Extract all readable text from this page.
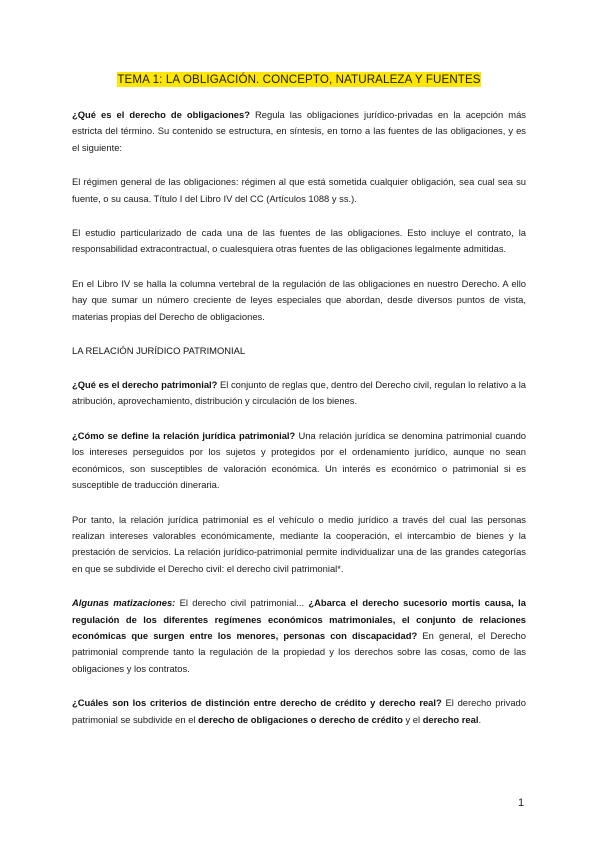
TEMA 1: LA OBLIGACIÓN. CONCEPTO, NATURALEZA Y FUENTES

¿Qué es el derecho de obligaciones? Regula las obligaciones jurídico-privadas en la acepción más estricta del término. Su contenido se estructura, en síntesis, en torno a las fuentes de las obligaciones, y es el siguiente:

El régimen general de las obligaciones: régimen al que está sometida cualquier obligación, sea cual sea su fuente, o su causa. Título I del Libro IV del CC (Artículos 1088 y ss.).

El estudio particularizado de cada una de las fuentes de las obligaciones. Esto incluye el contrato, la responsabilidad extracontractual, o cualesquiera otras fuentes de las obligaciones legalmente admitidas.

En el Libro IV se halla la columna vertebral de la regulación de las obligaciones en nuestro Derecho. A ello hay que sumar un número creciente de leyes especiales que abordan, desde diversos puntos de vista, materias propias del Derecho de obligaciones.

LA RELACIÓN JURÍDICO PATRIMONIAL

¿Qué es el derecho patrimonial? El conjunto de reglas que, dentro del Derecho civil, regulan lo relativo a la atribución, aprovechamiento, distribución y circulación de los bienes.

¿Cómo se define la relación jurídica patrimonial? Una relación jurídica se denomina patrimonial cuando los intereses perseguidos por los sujetos y protegidos por el ordenamiento jurídico, aunque no sean económicos, son susceptibles de valoración económica. Un interés es económico o patrimonial si es susceptible de traducción dineraria.

Por tanto, la relación jurídica patrimonial es el vehículo o medio jurídico a través del cual las personas realizan intereses valorables económicamente, mediante la cooperación, el intercambio de bienes y la prestación de servicios. La relación jurídico-patrimonial permite individualizar una de las grandes categorías en que se subdivide el Derecho civil: el derecho civil patrimonial*.

Algunas matizaciones: El derecho civil patrimonial... ¿Abarca el derecho sucesorio mortis causa, la regulación de los diferentes regímenes económicos matrimoniales, el conjunto de relaciones económicas que surgen entre los menores, personas con discapacidad? En general, el Derecho patrimonial comprende tanto la regulación de la propiedad y los derechos sobre las cosas, como de las obligaciones y los contratos.

¿Cuáles son los criterios de distinción entre derecho de crédito y derecho real? El derecho privado patrimonial se subdivide en el derecho de obligaciones o derecho de crédito y el derecho real.

1
